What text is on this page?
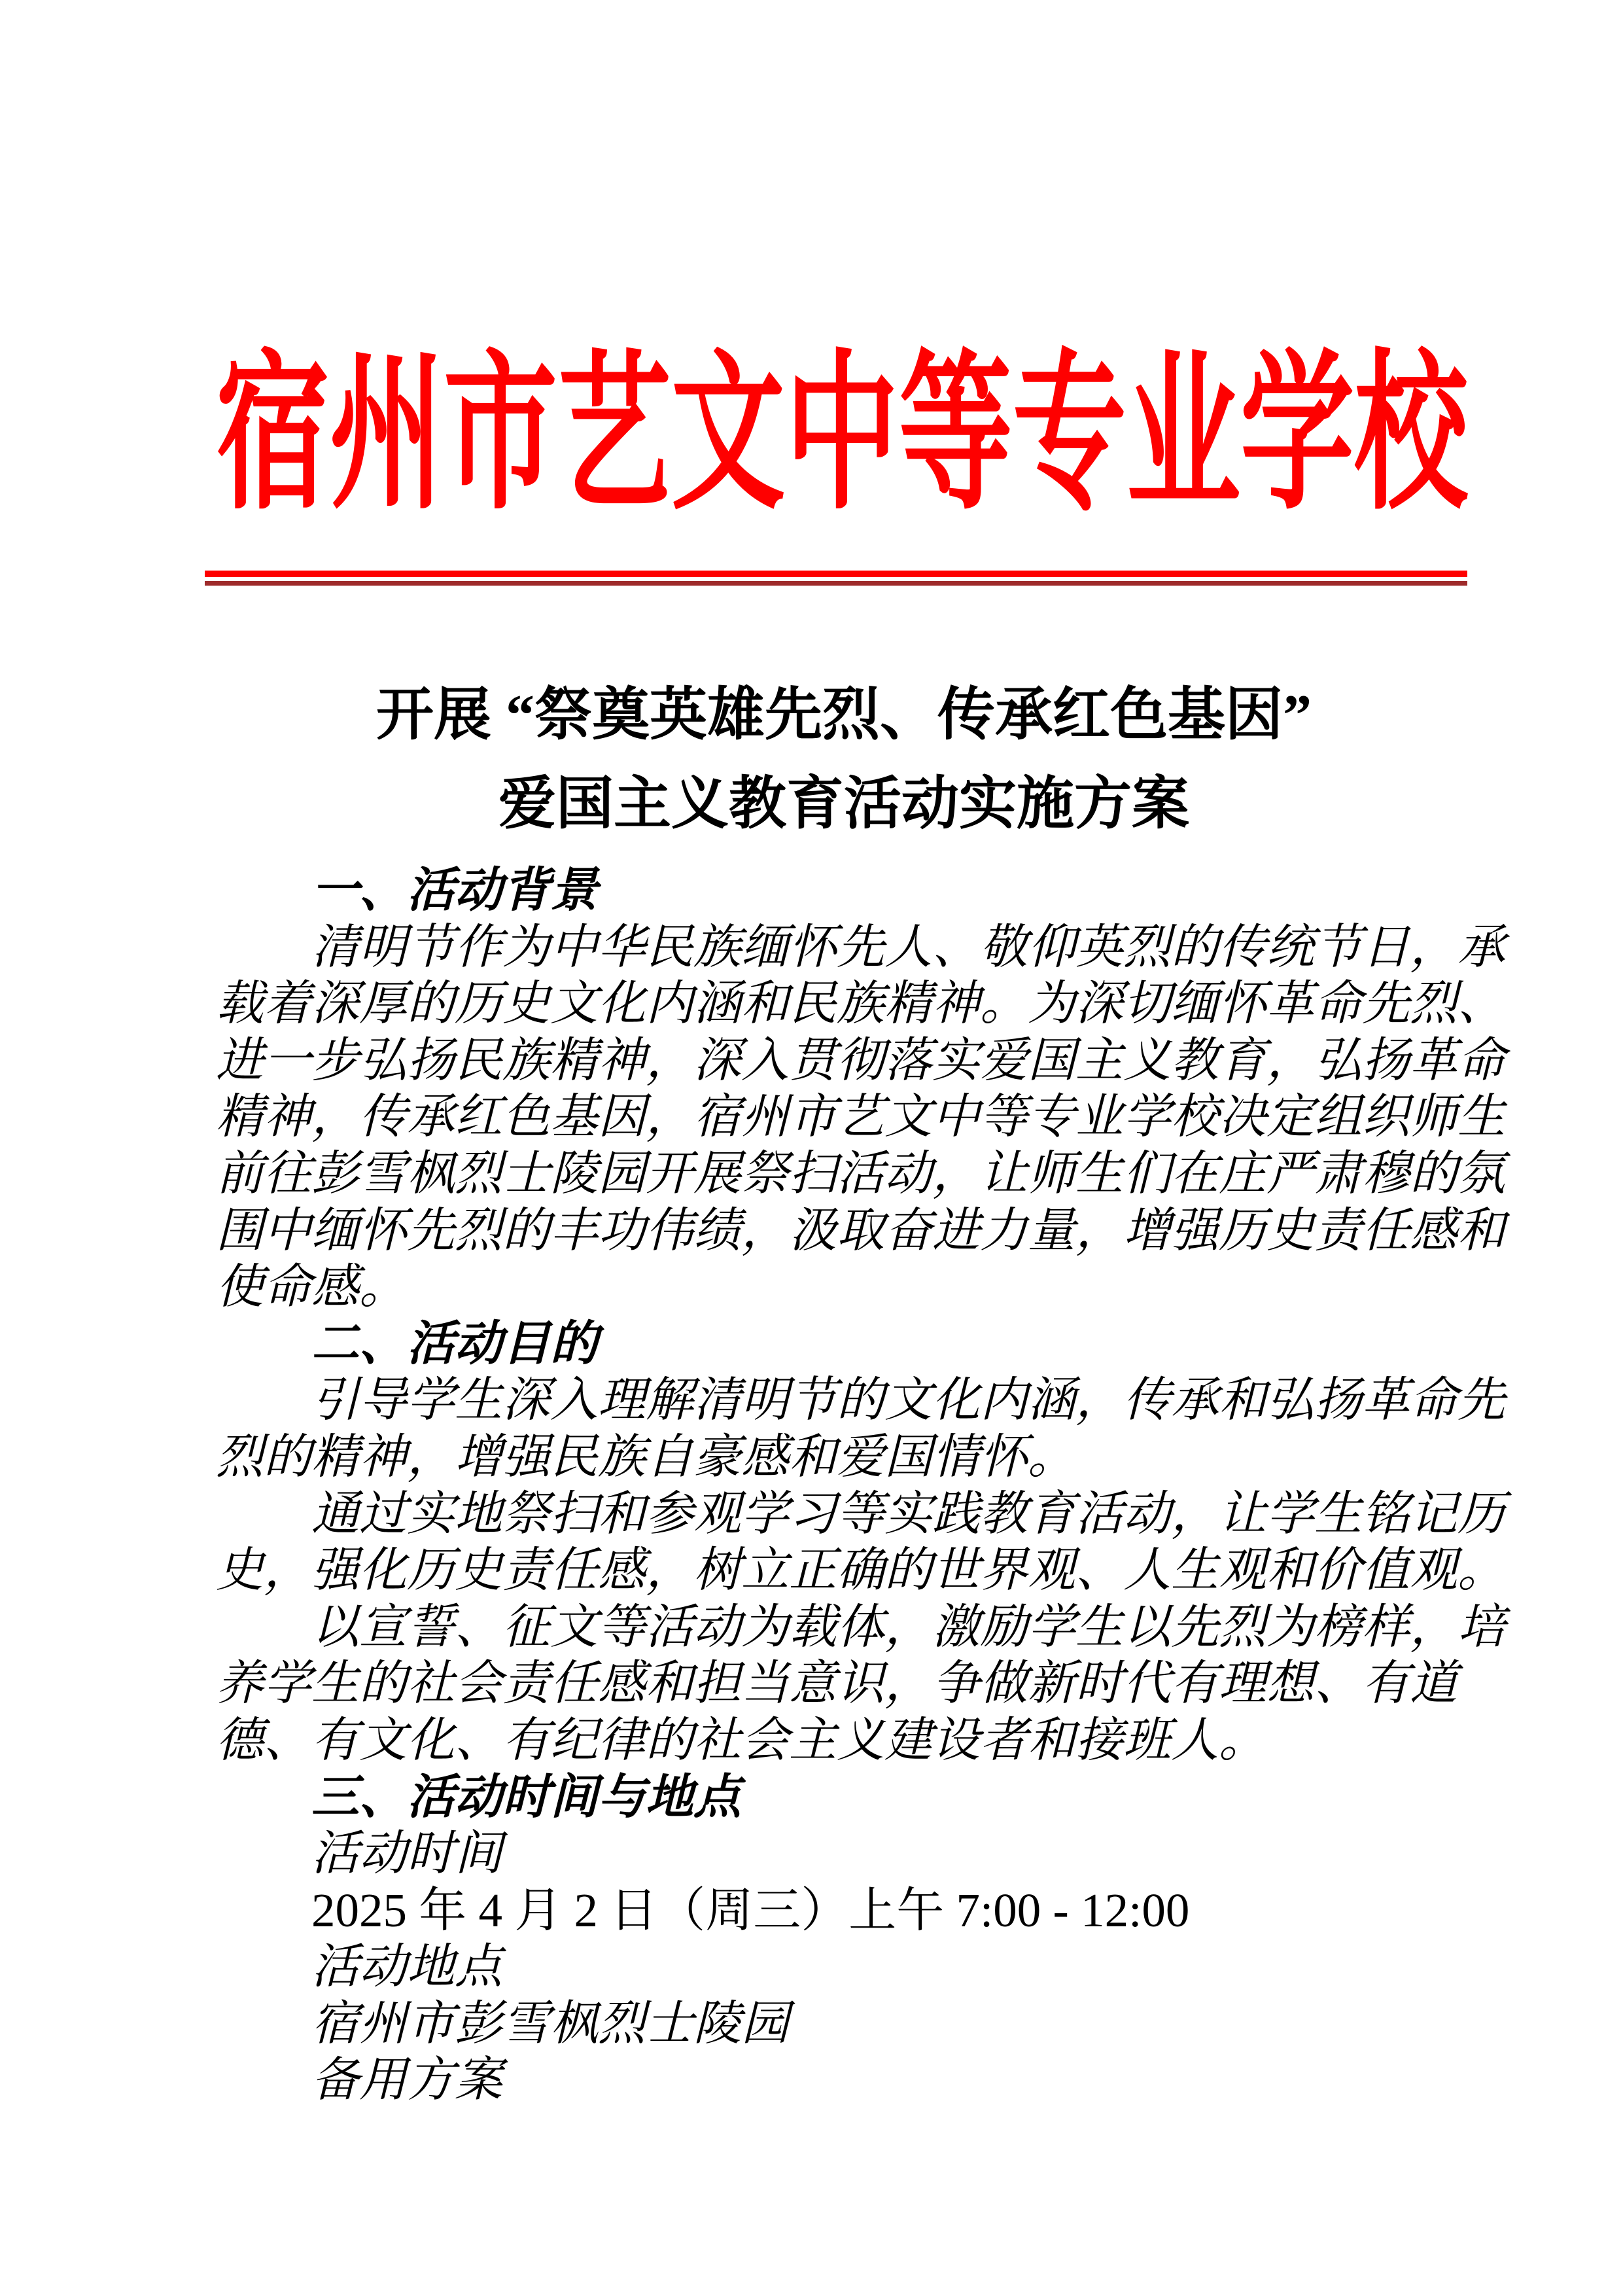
宿州市艺文中等专业学校
开展 “祭奠英雄先烈、传承红色基因”
爱国主义教育活动实施方案
一、活动背景
清明节作为中华民族缅怀先人、敬仰英烈的传统节日，承
载着深厚的历史文化内涵和民族精神。为深切缅怀革命先烈、
进一步弘扬民族精神，深入贯彻落实爱国主义教育，弘扬革命
精神，传承红色基因，宿州市艺文中等专业学校决定组织师生
前往彭雪枫烈士陵园开展祭扫活动，让师生们在庄严肃穆的氛
围中缅怀先烈的丰功伟绩，汲取奋进力量，增强历史责任感和
使命感。
二、活动目的
引导学生深入理解清明节的文化内涵，传承和弘扬革命先
烈的精神，增强民族自豪感和爱国情怀。
通过实地祭扫和参观学习等实践教育活动，让学生铭记历
史，强化历史责任感，树立正确的世界观、人生观和价值观。
以宣誓、征文等活动为载体，激励学生以先烈为榜样，培
养学生的社会责任感和担当意识，争做新时代有理想、有道
德、有文化、有纪律的社会主义建设者和接班人。
三、活动时间与地点
活动时间
2025 年 4 月 2 日（周三）上午 7:00 - 12:00
活动地点
宿州市彭雪枫烈士陵园
备用方案
